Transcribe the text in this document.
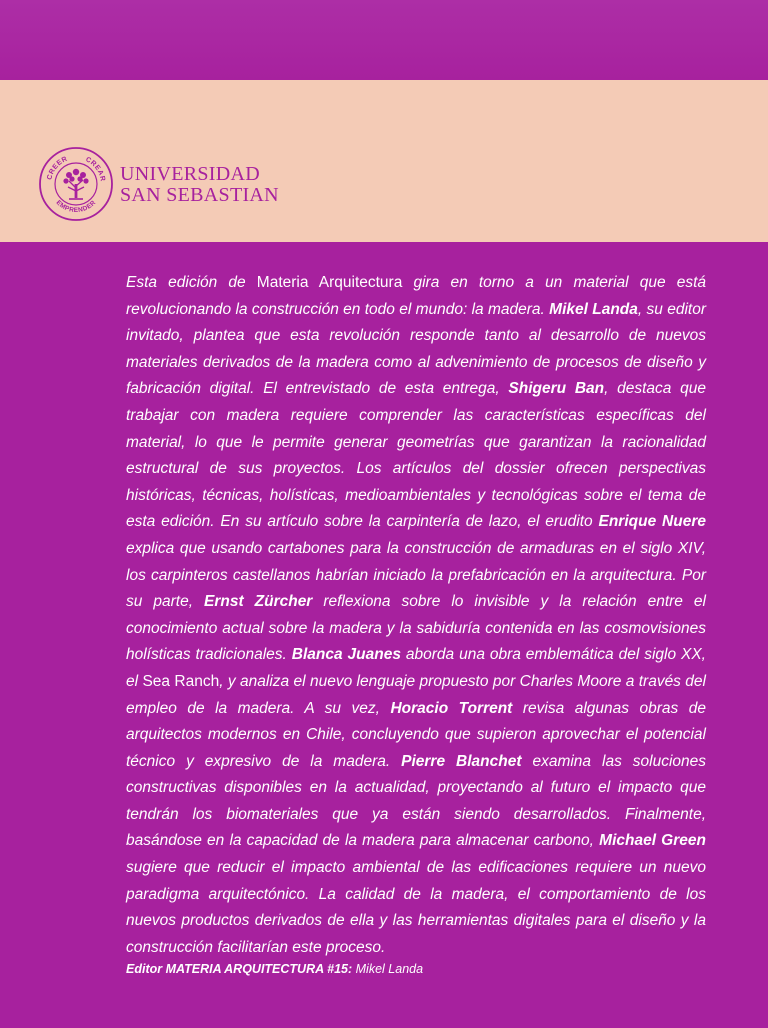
CREER CREAR
EMPRENDER
UNIVERSIDAD
SAN SEBASTIAN
Esta edición de Materia Arquitectura gira en torno a un material que está revolucionando la construcción en todo el mundo: la madera. Mikel Landa, su editor invitado, plantea que esta revolución responde tanto al desarrollo de nuevos materiales derivados de la madera como al advenimiento de procesos de diseño y fabricación digital. El entrevistado de esta entrega, Shigeru Ban, destaca que trabajar con madera requiere comprender las características específicas del material, lo que le permite generar geometrías que garantizan la racionalidad estructural de sus proyectos. Los artículos del dossier ofrecen perspectivas históricas, técnicas, holísticas, medioambientales y tecnológicas sobre el tema de esta edición. En su artículo sobre la carpintería de lazo, el erudito Enrique Nuere explica que usando cartabones para la construcción de armaduras en el siglo XIV, los carpinteros castellanos habrían iniciado la prefabricación en la arquitectura. Por su parte, Ernst Zürcher reflexiona sobre lo invisible y la relación entre el conocimiento actual sobre la madera y la sabiduría contenida en las cosmovisiones holísticas tradicionales. Blanca Juanes aborda una obra emblemática del siglo XX, el Sea Ranch, y analiza el nuevo lenguaje propuesto por Charles Moore a través del empleo de la madera. A su vez, Horacio Torrent revisa algunas obras de arquitectos modernos en Chile, concluyendo que supieron aprovechar el potencial técnico y expresivo de la madera. Pierre Blanchet examina las soluciones constructivas disponibles en la actualidad, proyectando al futuro el impacto que tendrán los biomateriales que ya están siendo desarrollados. Finalmente, basándose en la capacidad de la madera para almacenar carbono, Michael Green sugiere que reducir el impacto ambiental de las edificaciones requiere un nuevo paradigma arquitectónico. La calidad de la madera, el comportamiento de los nuevos productos derivados de ella y las herramientas digitales para el diseño y la construcción facilitarían este proceso.
Editor MATERIA ARQUITECTURA #15: Mikel Landa
